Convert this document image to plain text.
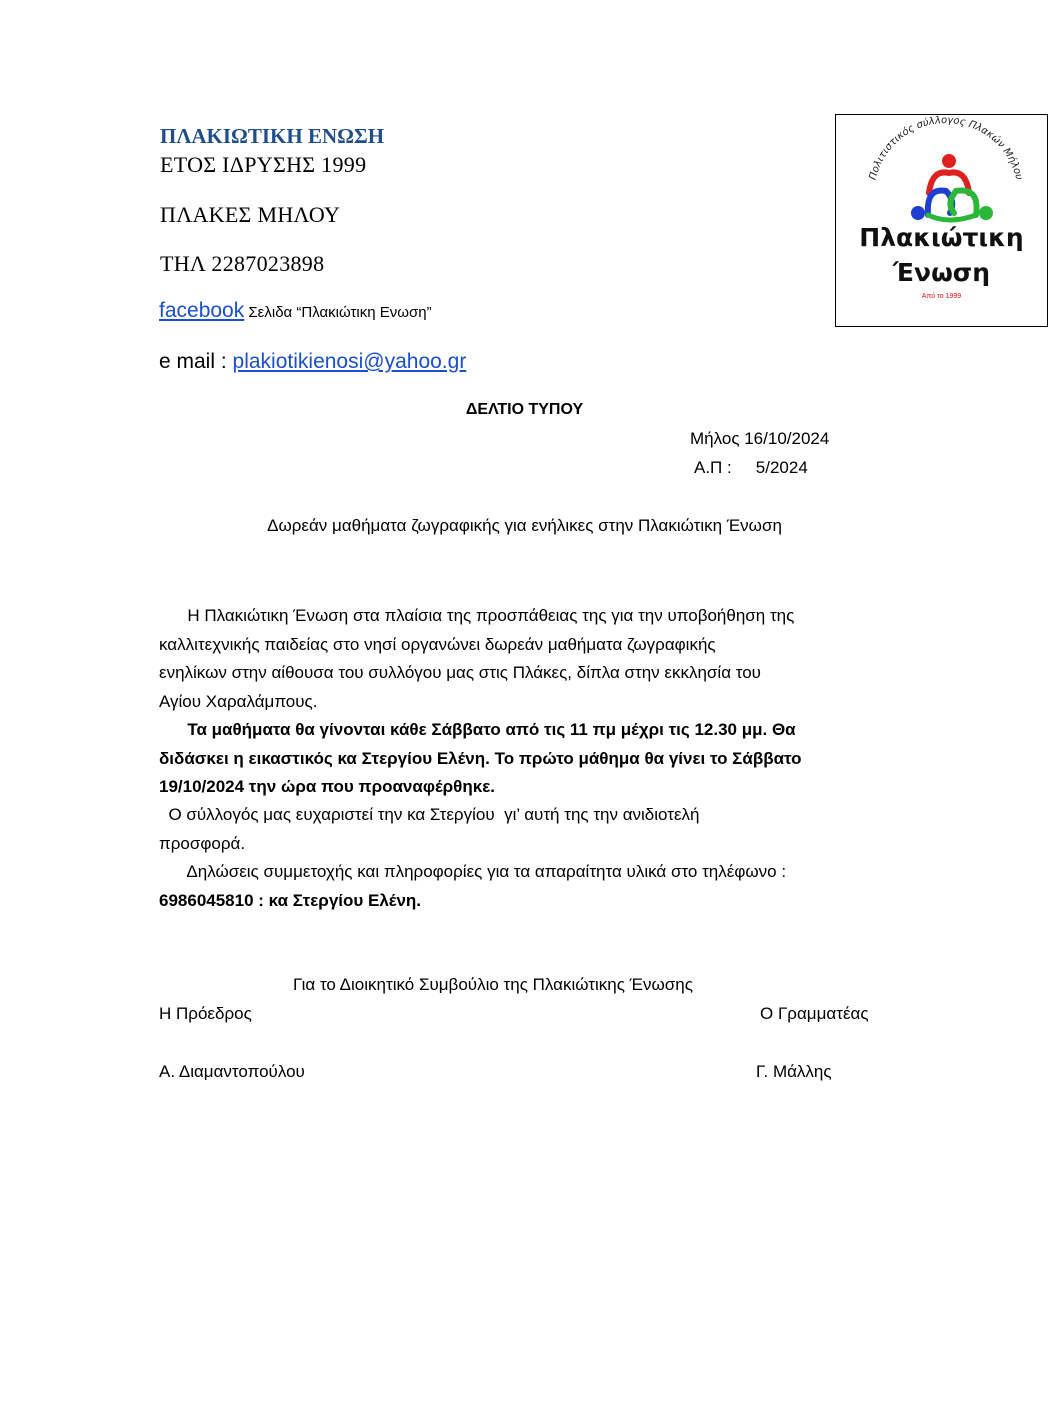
ΠΛΑΚΙΩΤΙΚΗ ΕΝΩΣΗ
ΕΤΟΣ ΙΔΡΥΣΗΣ 1999
ΠΛΑΚΕΣ ΜΗΛΟΥ
ΤΗΛ 2287023898
facebook Σελιδα “Πλακιώτικη Ενωση”
e mail : plakiotikienosi@yahoo.gr
Πολιτιστικός σύλλογος Πλακών Μήλου
Πλακιώτικη
Ένωση
Από το 1999
ΔΕΛΤΙΟ ΤΥΠΟΥ
Μήλος 16/10/2024
Α.Π : 5/2024
Δωρεάν μαθήματα ζωγραφικής για ενήλικες στην Πλακιώτικη Ένωση
Η Πλακιώτικη Ένωση στα πλαίσια της προσπάθειας της για την υποβοήθηση της
καλλιτεχνικής παιδείας στο νησί οργανώνει δωρεάν μαθήματα ζωγραφικής
ενηλίκων στην αίθουσα του συλλόγου μας στις Πλάκες, δίπλα στην εκκλησία του
Αγίου Χαραλάμπους.
Τα μαθήματα θα γίνονται κάθε Σάββατο από τις 11 πμ μέχρι τις 12.30 μμ. Θα
διδάσκει η εικαστικός κα Στεργίου Ελένη. Το πρώτο μάθημα θα γίνει το Σάββατο
19/10/2024 την ώρα που προαναφέρθηκε.
Ο σύλλογός μας ευχαριστεί την κα Στεργίου  γι’ αυτή της την ανιδιοτελή
προσφορά.
Δηλώσεις συμμετοχής και πληροφορίες για τα απαραίτητα υλικά στο τηλέφωνο :
6986045810 : κα Στεργίου Ελένη.
Για το Διοικητικό Συμβούλιο της Πλακιώτικης Ένωσης
Η Πρόεδρος	Ο Γραμματέας
Α. Διαμαντοπούλου	Γ. Μάλλης
